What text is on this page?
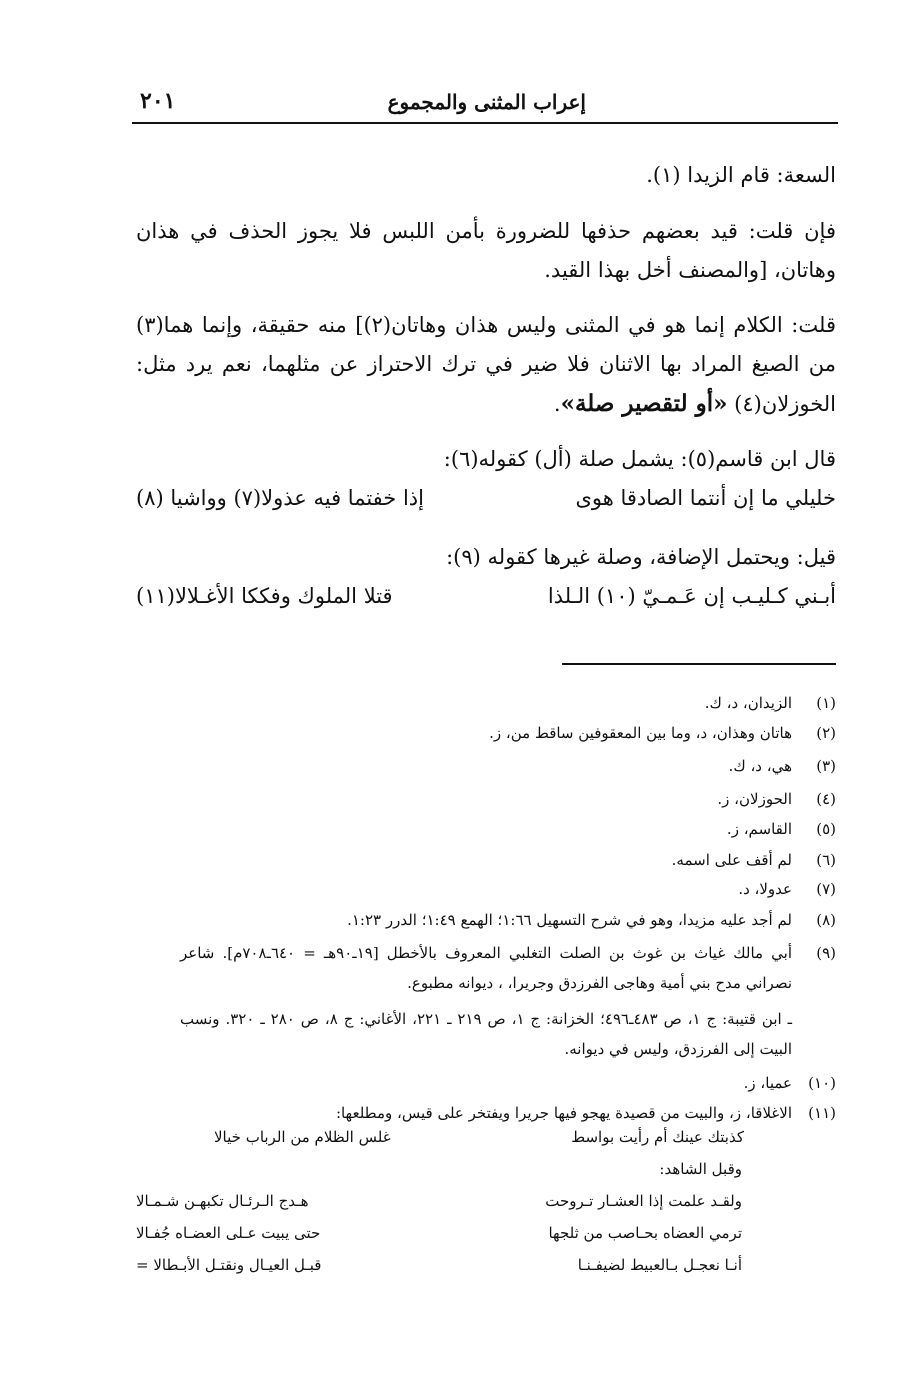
إعراب المثنى والمجموع
٢٠١
السعة: قام الزيدا (١).
فإن قلت: قيد بعضهم حذفها للضرورة بأمن اللبس فلا يجوز الحذف في هذان وهاتان، [والمصنف أخل بهذا القيد.
قلت: الكلام إنما هو في المثنى وليس هذان وهاتان(٢)] منه حقيقة، وإنما هما(٣) من الصيغ المراد بها الاثنان فلا ضير في ترك الاحتراز عن مثلهما، نعم يرد مثل: الخوزلان(٤) «أو لتقصير صلة».
قال ابن قاسم(٥): يشمل صلة (أل) كقوله(٦):
خليلي ما إن أنتما الصادقا هوى
إذا خفتما فيه عذولا(٧) وواشيا (٨)
قيل: ويحتمل الإضافة، وصلة غيرها كقوله (٩):
أبـني كـليـب إن عَـمـيّ (١٠) الـلذا
قتلا الملوك وفككا الأغـلالا(١١)
(١)
الزيدان، د، ك.
(٢)
هاتان وهذان، د، وما بين المعقوفين ساقط من، ز.
(٣)
هي، د، ك.
(٤)
الحوزلان، ز.
(٥)
القاسم، ز.
(٦)
لم أقف على اسمه.
(٧)
عدولا، د.
(٨)
لم أجد عليه مزيدا، وهو في شرح التسهيل ١:٦٦؛ الهمع ١:٤٩؛ الدرر ١:٢٣.
(٩)
أبي مالك غياث بن غوث بن الصلت التغلبي المعروف بالأخطل [١٩ـ٩٠هـ = ٦٤٠ـ٧٠٨م]. شاعر نصراني مدح بني أمية وهاجى الفرزدق وجريرا، ، ديوانه مطبوع.
ـ ابن قتيبة: ج ١، ص ٤٨٣ـ٤٩٦؛ الخزانة: ج ١، ص ٢١٩ ـ ٢٢١، الأغاني: ج ٨، ص ٢٨٠ ـ ٣٢٠. ونسب البيت إلى الفرزدق، وليس في ديوانه.
(١٠)
عميا، ز.
(١١)
الاغلاقا، ز، والبيت من قصيدة يهجو فيها جريرا ويفتخر على قيس، ومطلعها:
كذبتك عينك أم رأيت بواسط
غلس الظلام من الرباب خيالا
وقبل الشاهد:
ولقـد علمت إذا العشـار تـروحت
هـدج الـرئـال تكبهـن شـمـالا
ترمي العضاه بحـاصب من ثلجها
حتى يبيت عـلى العضـاه جُفـالا
أنـا نعجـل بـالعبيط لضيفـنـا
قبـل العيـال ونقتـل الأبـطالا =
